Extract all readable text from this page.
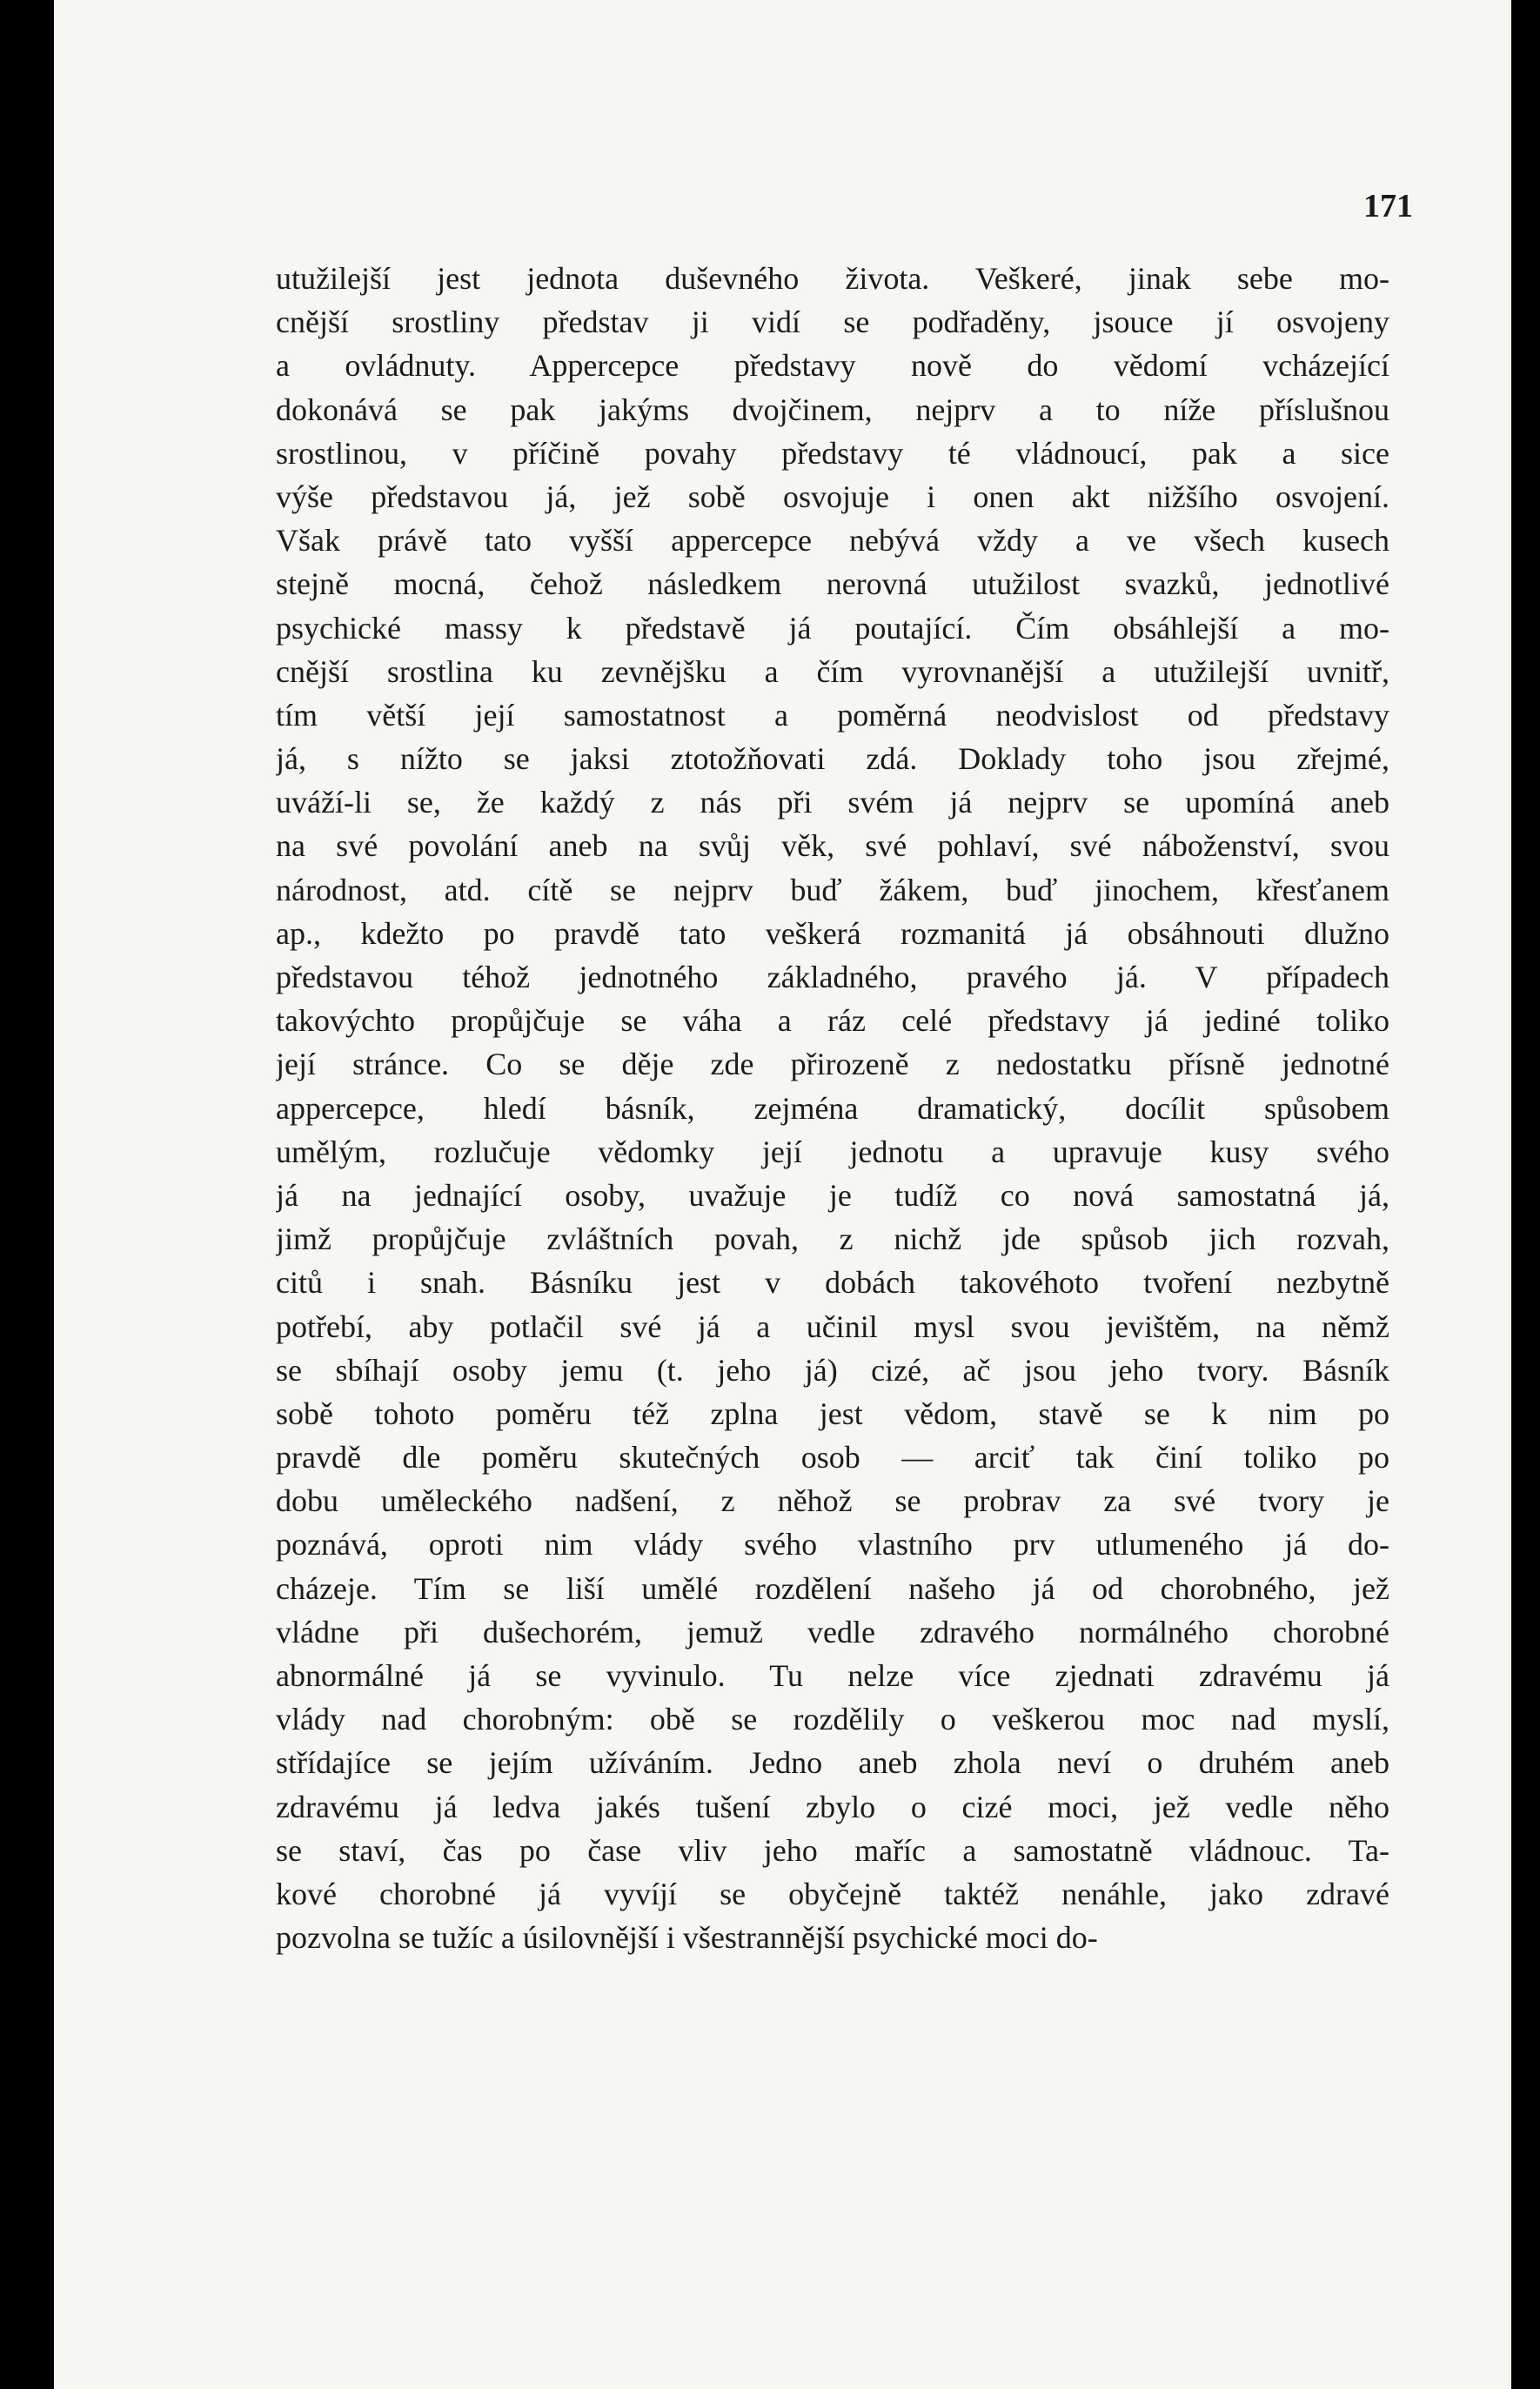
171
utužilejší jest jednota duševného života. Veškeré, jinak sebe mo-
cnější srostliny představ ji vidí se podřaděny, jsouce jí osvojeny
a ovládnuty. Appercepce představy nově do vědomí vcházející
dokonává se pak jakýms dvojčinem, nejprv a to níže příslušnou
srostlinou, v příčině povahy představy té vládnoucí, pak a sice
výše představou já, jež sobě osvojuje i onen akt nižšího osvojení.
Však právě tato vyšší appercepce nebývá vždy a ve všech kusech
stejně mocná, čehož následkem nerovná utužilost svazků, jednotlivé
psychické massy k představě já poutající. Čím obsáhlejší a mo-
cnější srostlina ku zevnějšku a čím vyrovnanější a utužilejší uvnitř,
tím větší její samostatnost a poměrná neodvislost od představy
já, s nížto se jaksi ztotožňovati zdá. Doklady toho jsou zřejmé,
uváží-li se, že každý z nás při svém já nejprv se upomíná aneb
na své povolání aneb na svůj věk, své pohlaví, své náboženství, svou
národnost, atd. cítě se nejprv buď žákem, buď jinochem, křesťanem
ap., kdežto po pravdě tato veškerá rozmanitá já obsáhnouti dlužno
představou téhož jednotného základného, pravého já. V případech
takovýchto propůjčuje se váha a ráz celé představy já jediné toliko
její stránce. Co se děje zde přirozeně z nedostatku přísně jednotné
appercepce, hledí básník, zejména dramatický, docílit spůsobem
umělým, rozlučuje vědomky její jednotu a upravuje kusy svého
já na jednající osoby, uvažuje je tudíž co nová samostatná já,
jimž propůjčuje zvláštních povah, z nichž jde spůsob jich rozvah,
citů i snah. Básníku jest v dobách takovéhoto tvoření nezbytně
potřebí, aby potlačil své já a učinil mysl svou jevištěm, na němž
se sbíhají osoby jemu (t. jeho já) cizé, ač jsou jeho tvory. Básník
sobě tohoto poměru též zplna jest vědom, stavě se k nim po
pravdě dle poměru skutečných osob — arciť tak činí toliko po
dobu uměleckého nadšení, z něhož se probrav za své tvory je
poznává, oproti nim vlády svého vlastního prv utlumeného já do-
cházeje. Tím se liší umělé rozdělení našeho já od chorobného, jež
vládne při dušechorém, jemuž vedle zdravého normálného chorobné
abnormálné já se vyvinulo. Tu nelze více zjednati zdravému já
vlády nad chorobným: obě se rozdělily o veškerou moc nad myslí,
střídajíce se jejím užíváním. Jedno aneb zhola neví o druhém aneb
zdravému já ledva jakés tušení zbylo o cizé moci, jež vedle něho
se staví, čas po čase vliv jeho maříc a samostatně vládnouc. Ta-
kové chorobné já vyvíjí se obyčejně taktéž nenáhle, jako zdravé
pozvolna se tužíc a úsilovnější i všestrannější psychické moci do-
